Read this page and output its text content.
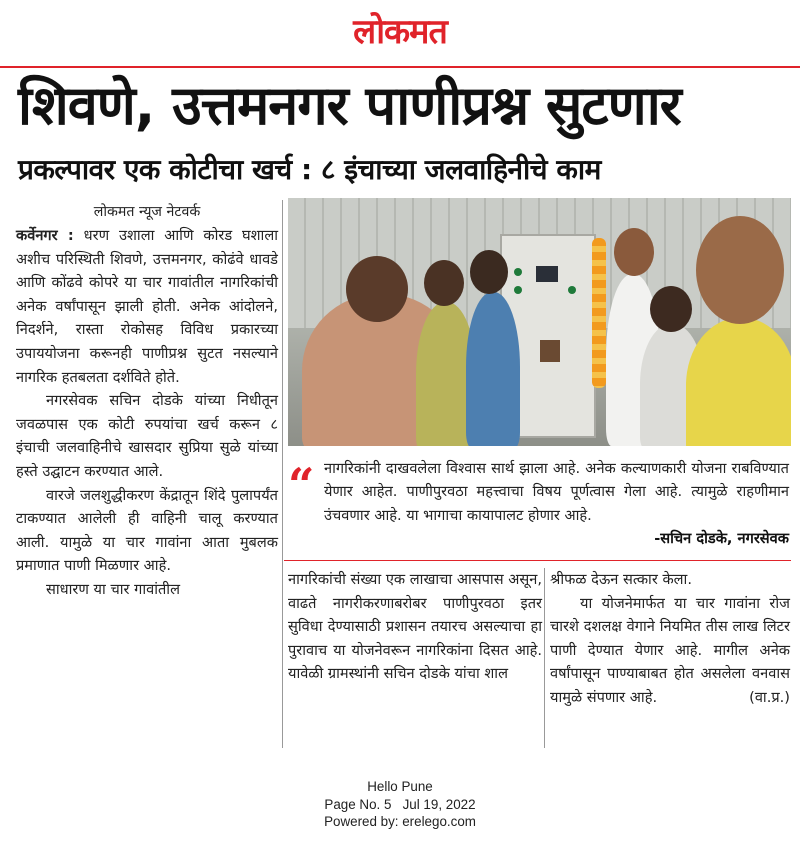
लोकमत
शिवणे, उत्तमनगर पाणीप्रश्न सुटणार
प्रकल्पावर एक कोटीचा खर्च : ८ इंचाच्या जलवाहिनीचे काम
लोकमत न्यूज नेटवर्क

कर्वेनगर : धरण उशाला आणि कोरड घशाला अशीच परिस्थिती शिवणे, उत्तमनगर, कोढंवे धावडे आणि कोंढवे कोपरे या चार गावांतील नागरिकांची अनेक वर्षांपासून झाली होती. अनेक आंदोलने, निदर्शने, रास्ता रोकोसह विविध प्रकारच्या उपाययोजना करूनही पाणीप्रश्न सुटत नसल्याने नागरिक हतबलता दर्शविते होते.

नगरसेवक सचिन दोडके यांच्या निधीतून जवळपास एक कोटी रुपयांचा खर्च करून ८ इंचाची जलवाहिनीचे खासदार सुप्रिया सुळे यांच्या हस्ते उद्घाटन करण्यात आले.

वारजे जलशुद्धीकरण केंद्रातून शिंदे पुलापर्यंत टाकण्यात आलेली ही वाहिनी चालू करण्यात आली. यामुळे या चार गावांना आता मुबलक प्रमाणात पाणी मिळणार आहे.

साधारण या चार गावांतील

“ नागरिकांनी दाखवलेला विश्वास सार्थ झाला आहे. अनेक कल्याणकारी योजना राबविण्यात येणार आहेत. पाणीपुरवठा महत्त्वाचा विषय पूर्णत्वास गेला आहे. त्यामुळे राहणीमान उंचवणार आहे. या भागाचा कायापालट होणार आहे.
-सचिन दोडके, नगरसेवक

नागरिकांची संख्या एक लाखाचा आसपास असून, वाढते नागरीकरणाबरोबर पाणीपुरवठा इतर सुविधा देण्यासाठी प्रशासन तयारच असल्याचा हा पुरावाच या योजनेवरून नागरिकांना दिसत आहे. यावेळी ग्रामस्थांनी सचिन दोडके यांचा शाल

श्रीफळ देऊन सत्कार केला.

या योजनेमार्फत या चार गावांना रोज चारशे दशलक्ष वेगाने नियमित तीस लाख लिटर पाणी देण्यात येणार आहे. मागील अनेक वर्षांपासून पाण्याबाबत होत असलेला वनवास यामुळे संपणार आहे.	(वा.प्र.)

Hello Pune
Page No. 5 Jul 19, 2022
Powered by: erelego.com
